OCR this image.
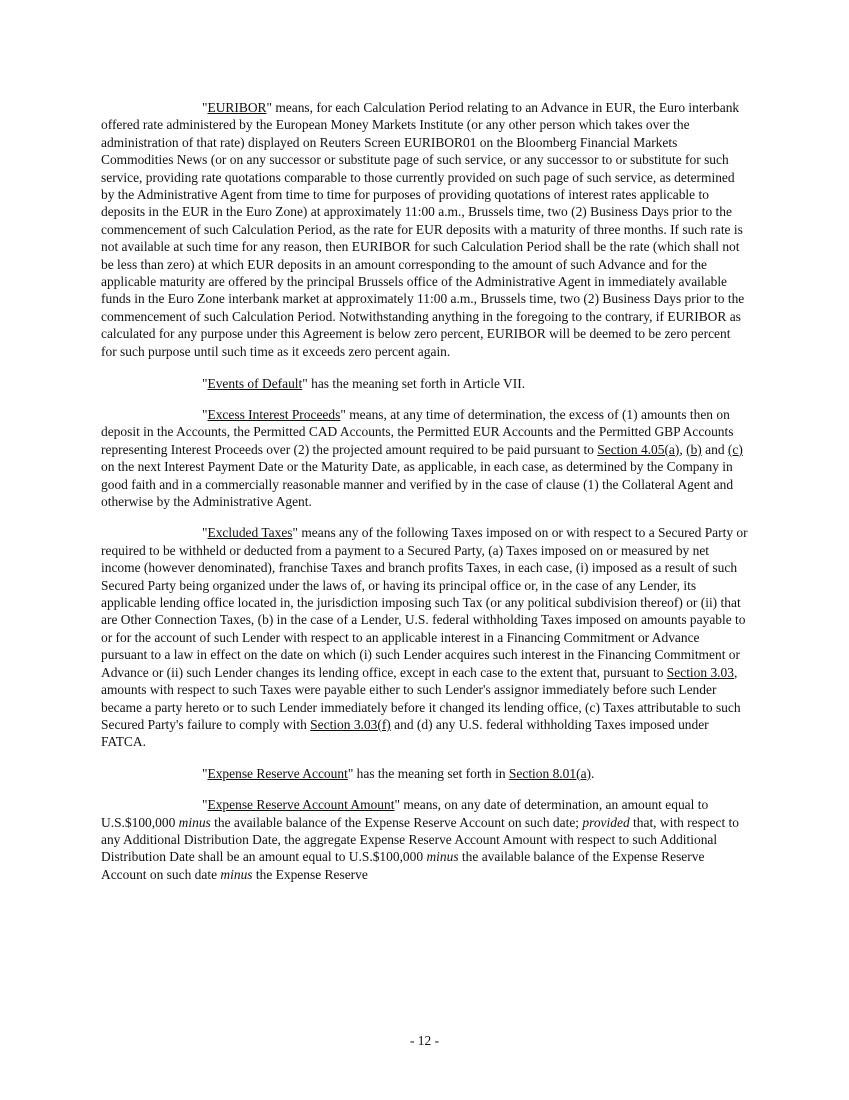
"EURIBOR" means, for each Calculation Period relating to an Advance in EUR, the Euro interbank offered rate administered by the European Money Markets Institute (or any other person which takes over the administration of that rate) displayed on Reuters Screen EURIBOR01 on the Bloomberg Financial Markets Commodities News (or on any successor or substitute page of such service, or any successor to or substitute for such service, providing rate quotations comparable to those currently provided on such page of such service, as determined by the Administrative Agent from time to time for purposes of providing quotations of interest rates applicable to deposits in the EUR in the Euro Zone) at approximately 11:00 a.m., Brussels time, two (2) Business Days prior to the commencement of such Calculation Period, as the rate for EUR deposits with a maturity of three months. If such rate is not available at such time for any reason, then EURIBOR for such Calculation Period shall be the rate (which shall not be less than zero) at which EUR deposits in an amount corresponding to the amount of such Advance and for the applicable maturity are offered by the principal Brussels office of the Administrative Agent in immediately available funds in the Euro Zone interbank market at approximately 11:00 a.m., Brussels time, two (2) Business Days prior to the commencement of such Calculation Period. Notwithstanding anything in the foregoing to the contrary, if EURIBOR as calculated for any purpose under this Agreement is below zero percent, EURIBOR will be deemed to be zero percent for such purpose until such time as it exceeds zero percent again.

"Events of Default" has the meaning set forth in Article VII.

"Excess Interest Proceeds" means, at any time of determination, the excess of (1) amounts then on deposit in the Accounts, the Permitted CAD Accounts, the Permitted EUR Accounts and the Permitted GBP Accounts representing Interest Proceeds over (2) the projected amount required to be paid pursuant to Section 4.05(a), (b) and (c) on the next Interest Payment Date or the Maturity Date, as applicable, in each case, as determined by the Company in good faith and in a commercially reasonable manner and verified by in the case of clause (1) the Collateral Agent and otherwise by the Administrative Agent.

"Excluded Taxes" means any of the following Taxes imposed on or with respect to a Secured Party or required to be withheld or deducted from a payment to a Secured Party, (a) Taxes imposed on or measured by net income (however denominated), franchise Taxes and branch profits Taxes, in each case, (i) imposed as a result of such Secured Party being organized under the laws of, or having its principal office or, in the case of any Lender, its applicable lending office located in, the jurisdiction imposing such Tax (or any political subdivision thereof) or (ii) that are Other Connection Taxes, (b) in the case of a Lender, U.S. federal withholding Taxes imposed on amounts payable to or for the account of such Lender with respect to an applicable interest in a Financing Commitment or Advance pursuant to a law in effect on the date on which (i) such Lender acquires such interest in the Financing Commitment or Advance or (ii) such Lender changes its lending office, except in each case to the extent that, pursuant to Section 3.03, amounts with respect to such Taxes were payable either to such Lender's assignor immediately before such Lender became a party hereto or to such Lender immediately before it changed its lending office, (c) Taxes attributable to such Secured Party's failure to comply with Section 3.03(f) and (d) any U.S. federal withholding Taxes imposed under FATCA.

"Expense Reserve Account" has the meaning set forth in Section 8.01(a).

"Expense Reserve Account Amount" means, on any date of determination, an amount equal to U.S.$100,000 minus the available balance of the Expense Reserve Account on such date; provided that, with respect to any Additional Distribution Date, the aggregate Expense Reserve Account Amount with respect to such Additional Distribution Date shall be an amount equal to U.S.$100,000 minus the available balance of the Expense Reserve Account on such date minus the Expense Reserve

- 12 -
